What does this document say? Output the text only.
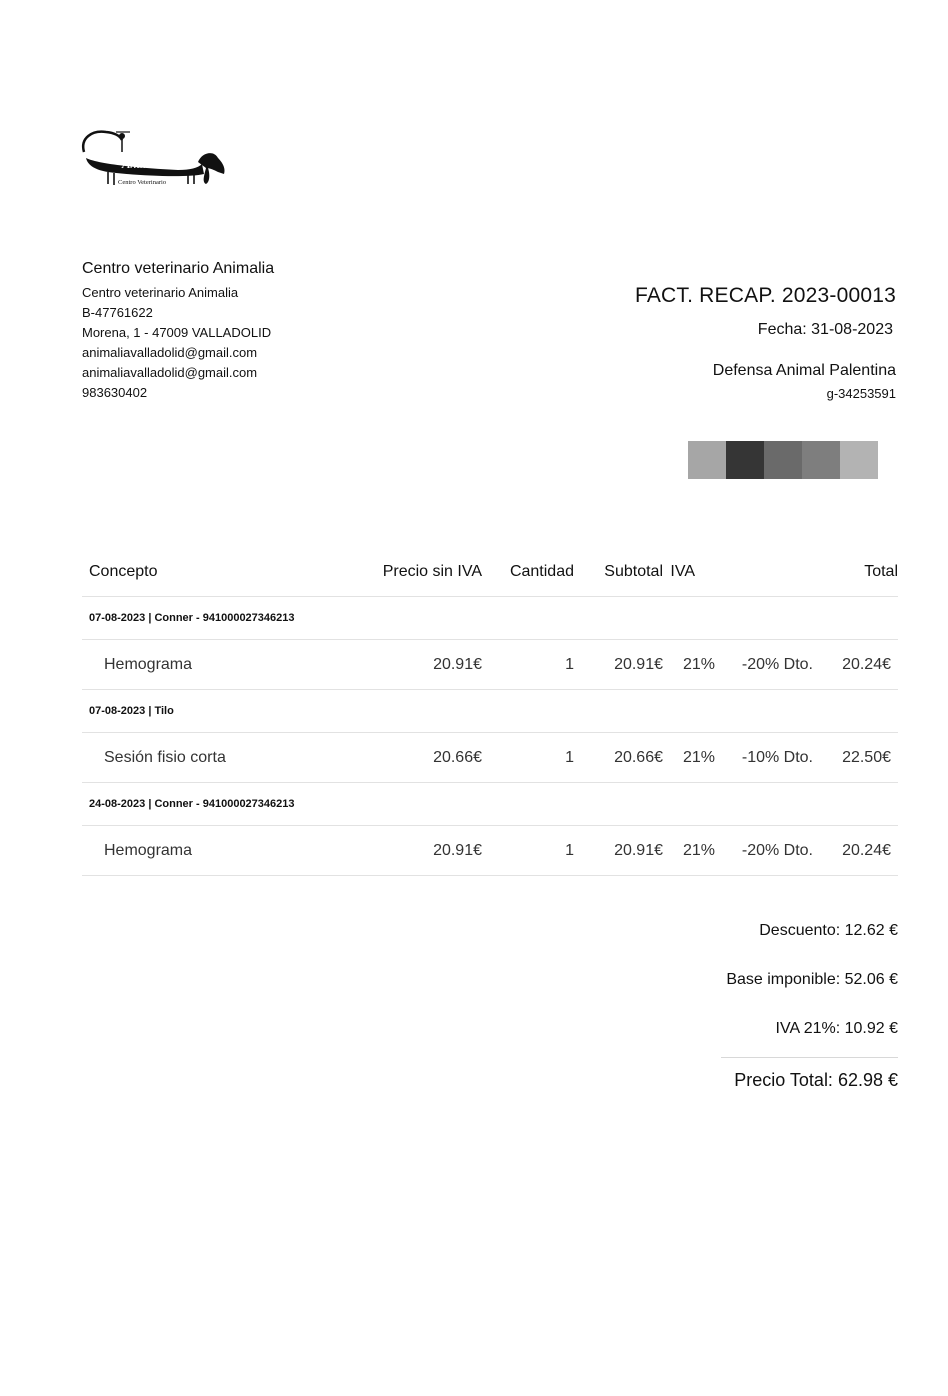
Animalia
Centro Veterinario
Centro veterinario Animalia
Centro veterinario Animalia
B-47761622
Morena, 1 - 47009 VALLADOLID
animaliavalladolid@gmail.com
animaliavalladolid@gmail.com
983630402
FACT. RECAP. 2023-00013
Fecha: 31-08-2023
Defensa Animal Palentina
g-34253591
Concepto	Precio sin IVA	Cantidad	Subtotal IVA	Total
07-08-2023 | Conner - 941000027346213
Hemograma	20.91€	1	20.91€	21%	-20% Dto.	20.24€
07-08-2023 | Tilo
Sesión fisio corta	20.66€	1	20.66€	21%	-10% Dto.	22.50€
24-08-2023 | Conner - 941000027346213
Hemograma	20.91€	1	20.91€	21%	-20% Dto.	20.24€
Descuento: 12.62 €
Base imponible: 52.06 €
IVA 21%: 10.92 €
Precio Total: 62.98 €
